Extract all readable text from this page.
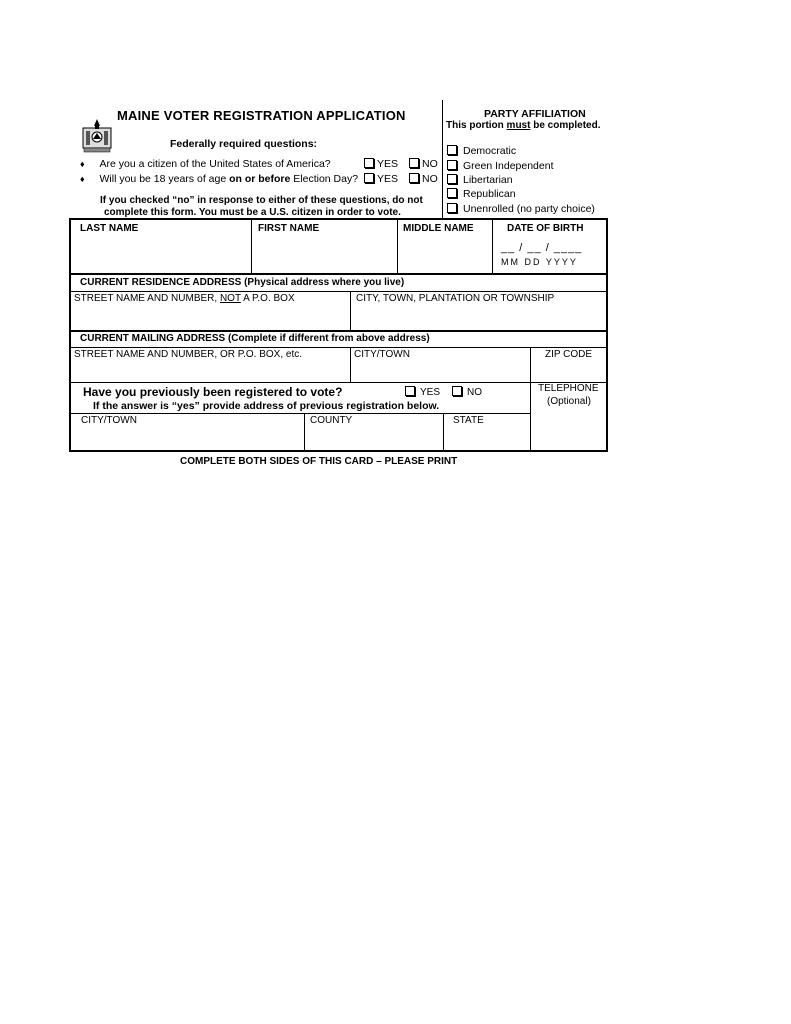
MAINE VOTER REGISTRATION APPLICATION
Federally required questions:
♦ Are you a citizen of the United States of America?	YES	NO
♦ Will you be 18 years of age on or before Election Day?	YES	NO
If you checked “no” in response to either of these questions, do not
complete this form. You must be a U.S. citizen in order to vote.
PARTY AFFILIATION
This portion must be completed.
Democratic
Green Independent
Libertarian
Republican
Unenrolled (no party choice)
LAST NAME	FIRST NAME	MIDDLE NAME	DATE OF BIRTH
__ / __ / ____
MM DD YYYY
CURRENT RESIDENCE ADDRESS (Physical address where you live)
STREET NAME AND NUMBER, NOT A P.O. BOX	CITY, TOWN, PLANTATION OR TOWNSHIP
CURRENT MAILING ADDRESS (Complete if different from above address)
STREET NAME AND NUMBER, OR P.O. BOX, etc.	CITY/TOWN	ZIP CODE
Have you previously been registered to vote?	YES	NO
If the answer is “yes” provide address of previous registration below.
TELEPHONE
(Optional)
CITY/TOWN	COUNTY	STATE
COMPLETE BOTH SIDES OF THIS CARD – PLEASE PRINT
